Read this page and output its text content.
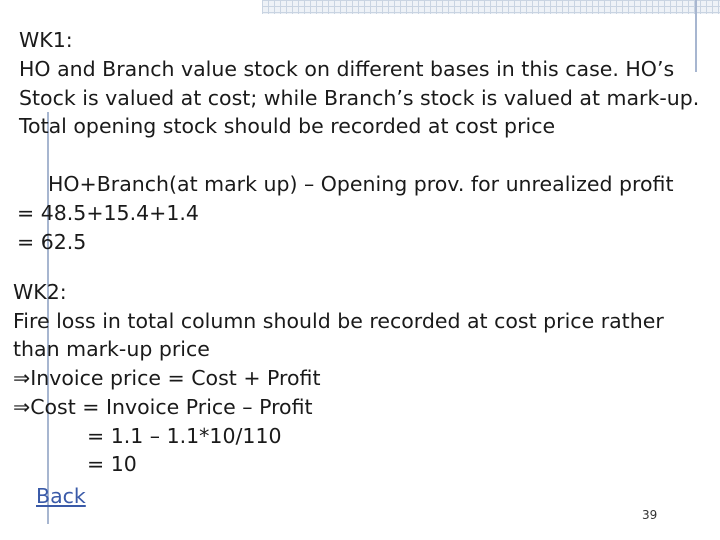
WK1:
HO and Branch value stock on different bases in this case. HO’s
Stock is valued at cost; while Branch’s stock is valued at mark-up.
Total opening stock should be recorded at cost price
HO+Branch(at mark up) – Opening prov. for unrealized profit
= 48.5+15.4+1.4
= 62.5
WK2:
Fire loss in total column should be recorded at cost price rather
than mark-up price
⇒Invoice price = Cost + Profit
⇒Cost = Invoice Price – Profit
= 1.1 – 1.1*10/110
= 10
Back
39
